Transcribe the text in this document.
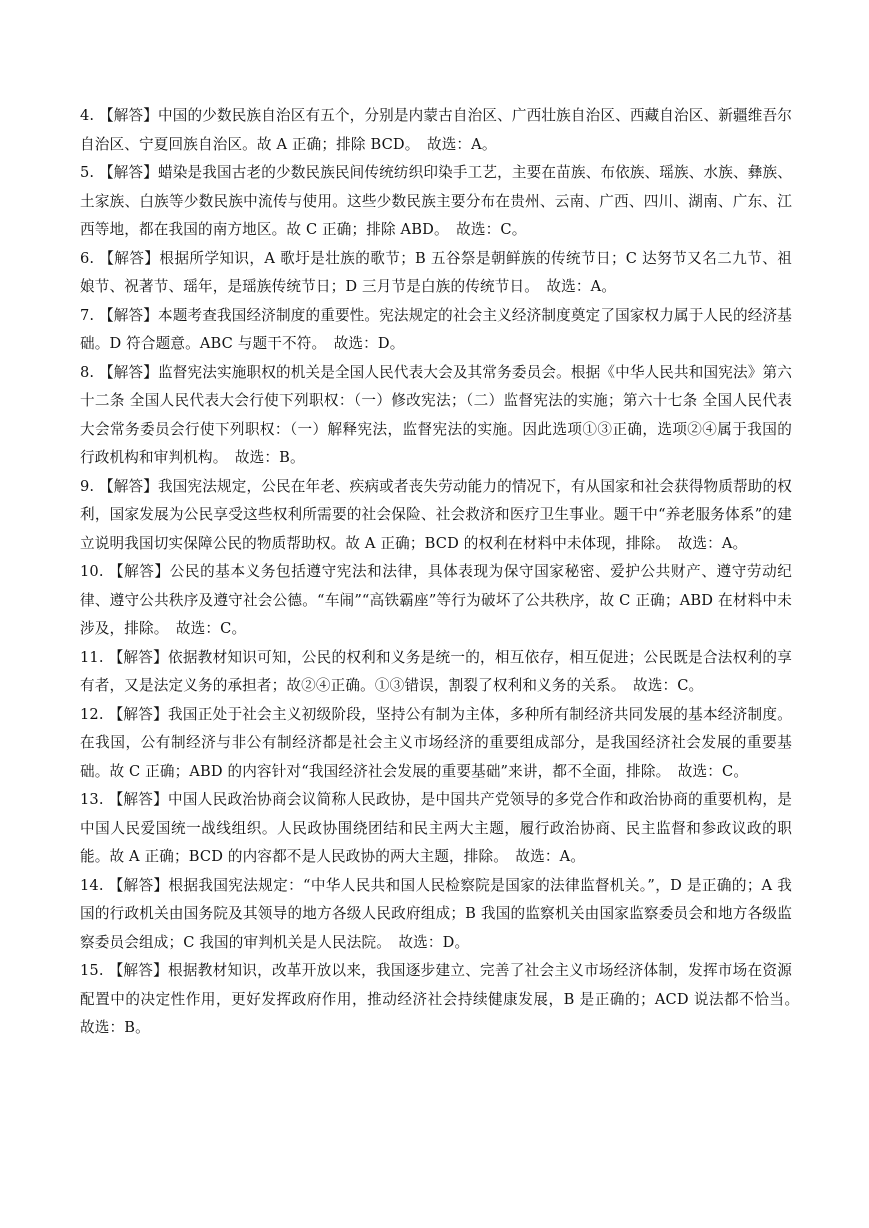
4. 【解答】中国的少数民族自治区有五个，分别是内蒙古自治区、广西壮族自治区、西藏自治区、新疆维吾尔自治区、宁夏回族自治区。故 A 正确；排除 BCD。　故选：A。

5. 【解答】蜡染是我国古老的少数民族民间传统纺织印染手工艺，主要在苗族、布依族、瑶族、水族、彝族、土家族、白族等少数民族中流传与使用。这些少数民族主要分布在贵州、云南、广西、四川、湖南、广东、江西等地，都在我国的南方地区。故 C 正确；排除 ABD。　故选：C。

6. 【解答】根据所学知识，A 歌圩是壮族的歌节；B 五谷祭是朝鲜族的传统节日；C 达努节又名二九节、祖娘节、祝著节、瑶年，是瑶族传统节日；D 三月节是白族的传统节日。　故选：A。

7. 【解答】本题考查我国经济制度的重要性。宪法规定的社会主义经济制度奠定了国家权力属于人民的经济基础。D 符合题意。ABC 与题干不符。　故选：D。

8. 【解答】监督宪法实施职权的机关是全国人民代表大会及其常务委员会。根据《中华人民共和国宪法》第六十二条 全国人民代表大会行使下列职权：（一）修改宪法；（二）监督宪法的实施；第六十七条 全国人民代表大会常务委员会行使下列职权：（一）解释宪法，监督宪法的实施。因此选项①③正确，选项②④属于我国的行政机构和审判机构。　故选：B。

9. 【解答】我国宪法规定，公民在年老、疾病或者丧失劳动能力的情况下，有从国家和社会获得物质帮助的权利，国家发展为公民享受这些权利所需要的社会保险、社会救济和医疗卫生事业。题干中“养老服务体系”的建立说明我国切实保障公民的物质帮助权。故 A 正确；BCD 的权利在材料中未体现，排除。　故选：A。

10. 【解答】公民的基本义务包括遵守宪法和法律，具体表现为保守国家秘密、爱护公共财产、遵守劳动纪律、遵守公共秩序及遵守社会公德。“车闹”“高铁霸座”等行为破坏了公共秩序，故 C 正确；ABD 在材料中未涉及，排除。　故选：C。

11. 【解答】依据教材知识可知，公民的权利和义务是统一的，相互依存，相互促进；公民既是合法权利的享有者，又是法定义务的承担者；故②④正确。①③错误，割裂了权利和义务的关系。　故选：C。

12. 【解答】我国正处于社会主义初级阶段，坚持公有制为主体，多种所有制经济共同发展的基本经济制度。在我国，公有制经济与非公有制经济都是社会主义市场经济的重要组成部分，是我国经济社会发展的重要基础。故 C 正确；ABD 的内容针对“我国经济社会发展的重要基础”来讲，都不全面，排除。　故选：C。

13. 【解答】中国人民政治协商会议简称人民政协，是中国共产党领导的多党合作和政治协商的重要机构，是中国人民爱国统一战线组织。人民政协围绕团结和民主两大主题，履行政治协商、民主监督和参政议政的职能。故 A 正确；BCD 的内容都不是人民政协的两大主题，排除。　故选：A。

14. 【解答】根据我国宪法规定：“中华人民共和国人民检察院是国家的法律监督机关。”，D 是正确的；A 我国的行政机关由国务院及其领导的地方各级人民政府组成；B 我国的监察机关由国家监察委员会和地方各级监察委员会组成；C 我国的审判机关是人民法院。　故选：D。

15. 【解答】根据教材知识，改革开放以来，我国逐步建立、完善了社会主义市场经济体制，发挥市场在资源配置中的决定性作用，更好发挥政府作用，推动经济社会持续健康发展，B 是正确的；ACD 说法都不恰当。　故选：B。
